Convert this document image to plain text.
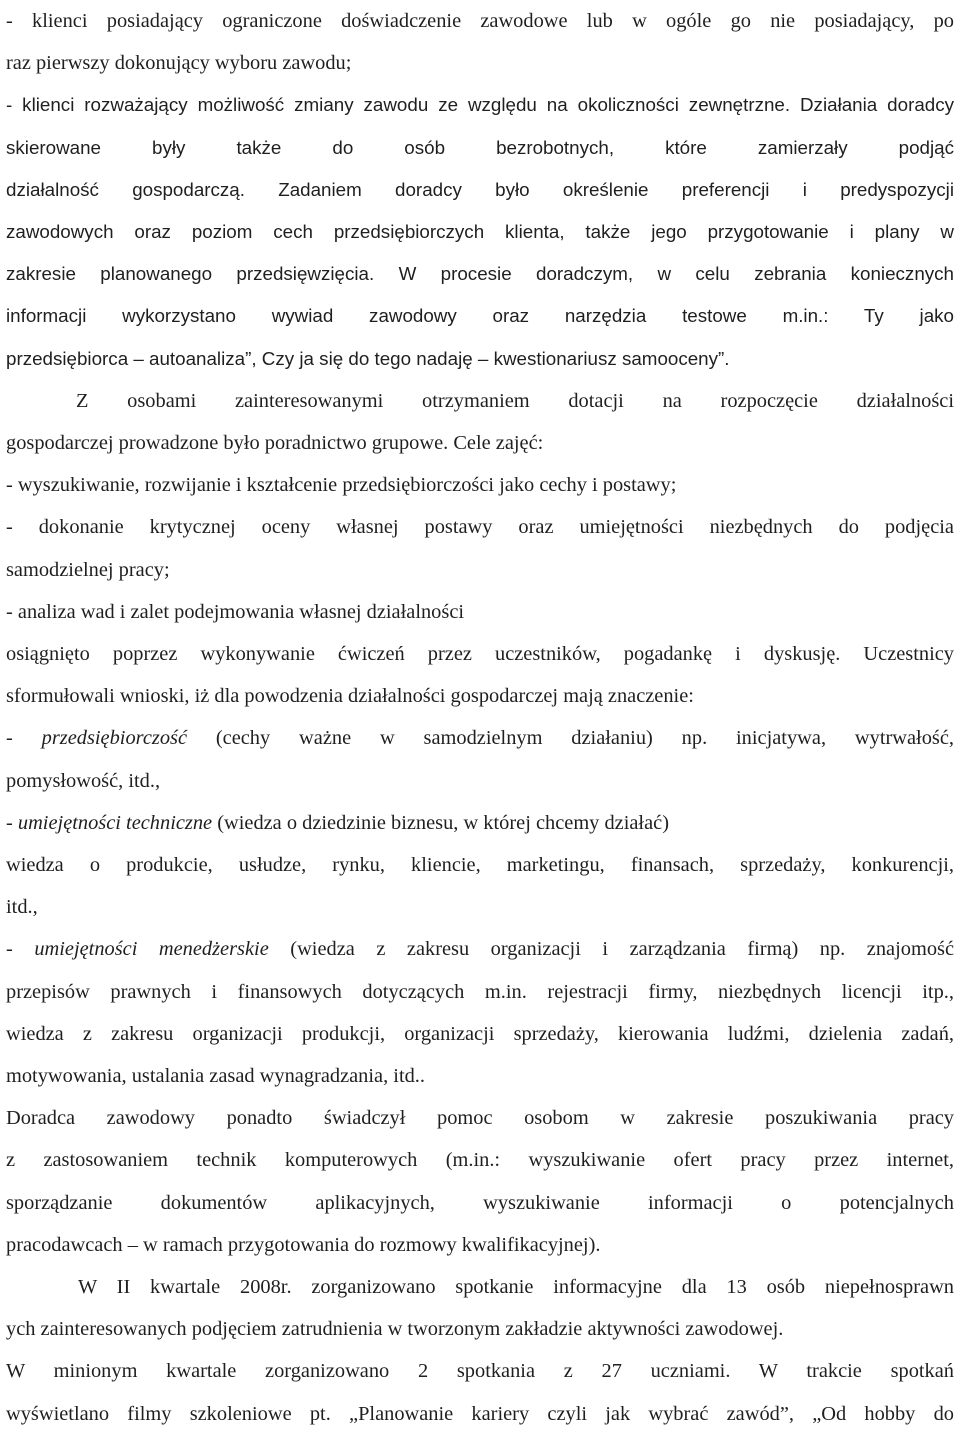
- klienci posiadający ograniczone doświadczenie zawodowe lub w ogóle go nie posiadający, po
raz pierwszy dokonujący wyboru zawodu;
- klienci rozważający możliwość zmiany zawodu ze względu na okoliczności zewnętrzne. Działania doradcy skierowane były także do osób bezrobotnych, które zamierzały podjąć
działalność gospodarczą. Zadaniem doradcy było określenie preferencji i predyspozycji
zawodowych oraz poziom cech przedsiębiorczych klienta, także jego przygotowanie i plany w
zakresie planowanego przedsięwzięcia. W procesie doradczym, w celu zebrania koniecznych
informacji wykorzystano wywiad zawodowy oraz narzędzia testowe m.in.: Ty jako
przedsiębiorca – autoanaliza”, Czy ja się do tego nadaję – kwestionariusz samooceny”.
Z osobami zainteresowanymi otrzymaniem dotacji na rozpoczęcie działalności
gospodarczej prowadzone było poradnictwo grupowe. Cele zajęć:
- wyszukiwanie, rozwijanie i kształcenie przedsiębiorczości jako cechy i postawy;
- dokonanie krytycznej oceny własnej postawy oraz umiejętności niezbędnych do podjęcia
samodzielnej pracy;
- analiza wad i zalet podejmowania własnej działalności
osiągnięto poprzez wykonywanie ćwiczeń przez uczestników, pogadankę i dyskusję. Uczestnicy
sformułowali wnioski, iż dla powodzenia działalności gospodarczej mają znaczenie:
- przedsiębiorczość (cechy ważne w samodzielnym działaniu) np. inicjatywa, wytrwałość,
pomysłowość, itd.,
- umiejętności techniczne (wiedza o dziedzinie biznesu, w której chcemy działać)
wiedza o produkcie, usłudze, rynku, kliencie, marketingu, finansach, sprzedaży, konkurencji,
itd.,
- umiejętności menedżerskie (wiedza z zakresu organizacji i zarządzania firmą) np. znajomość
przepisów prawnych i finansowych dotyczących m.in. rejestracji firmy, niezbędnych licencji itp.,
wiedza z zakresu organizacji produkcji, organizacji sprzedaży, kierowania ludźmi, dzielenia zadań,
motywowania, ustalania zasad wynagradzania, itd..
Doradca zawodowy ponadto świadczył pomoc osobom w zakresie poszukiwania pracy
z zastosowaniem technik komputerowych (m.in.: wyszukiwanie ofert pracy przez internet,
sporządzanie dokumentów aplikacyjnych, wyszukiwanie informacji o potencjalnych
pracodawcach – w ramach przygotowania do rozmowy kwalifikacyjnej).
W II kwartale 2008r. zorganizowano spotkanie informacyjne dla 13 osób niepełnosprawn
ych zainteresowanych podjęciem zatrudnienia w tworzonym zakładzie aktywności zawodowej.
W minionym kwartale zorganizowano 2 spotkania z 27 uczniami. W trakcie spotkań
wyświetlano filmy szkoleniowe pt. „Planowanie kariery czyli jak wybrać zawód”, „Od hobby do
